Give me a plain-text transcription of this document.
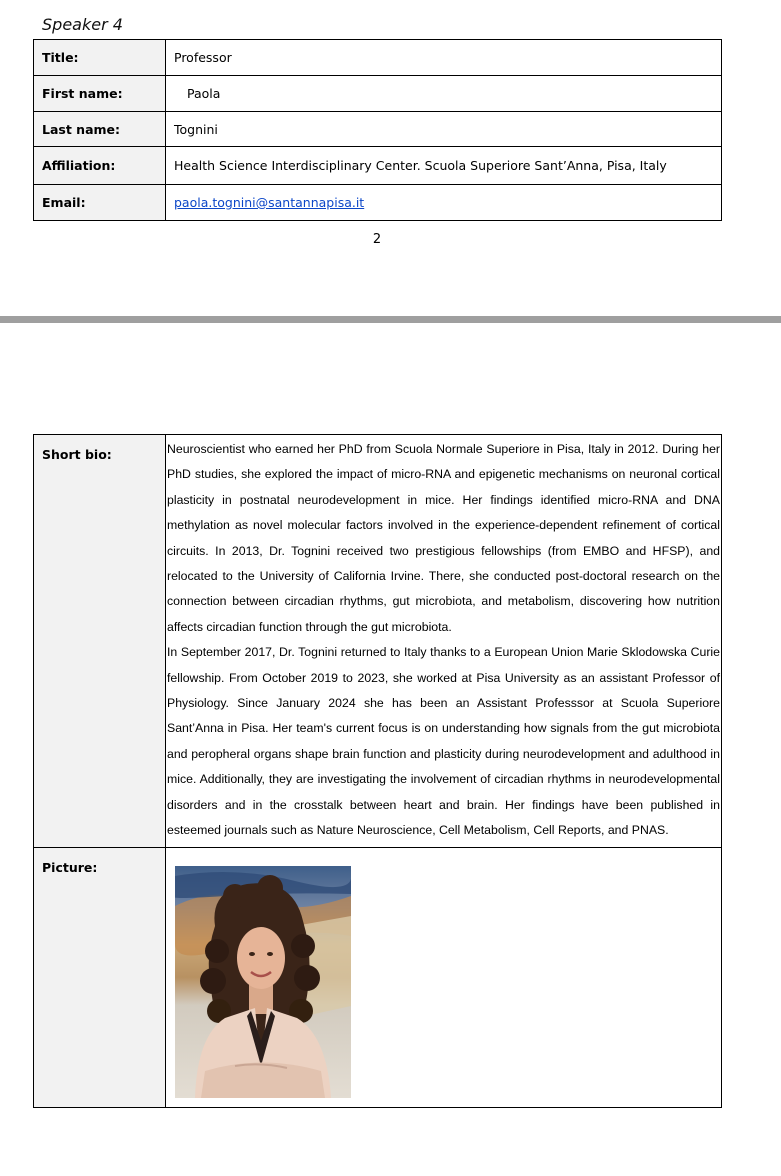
Speaker 4
Title:	Professor
First name:	Paola
Last name:	Tognini
Affiliation:	Health Science Interdisciplinary Center. Scuola Superiore Sant’Anna, Pisa, Italy
Email:	paola.tognini@santannapisa.it
2
Short bio:	Neuroscientist who earned her PhD from Scuola Normale Superiore in Pisa, Italy in 2012. During her PhD studies, she explored the impact of micro-RNA and epigenetic mechanisms on neuronal cortical plasticity in postnatal neurodevelopment in mice. Her findings identified micro-RNA and DNA methylation as novel molecular factors involved in the experience-dependent refinement of cortical circuits. In 2013, Dr. Tognini received two prestigious fellowships (from EMBO and HFSP), and relocated to the University of California Irvine. There, she conducted post-doctoral research on the connection between circadian rhythms, gut microbiota, and metabolism, discovering how nutrition affects circadian function through the gut microbiota.

In September 2017, Dr. Tognini returned to Italy thanks to a European Union Marie Sklodowska Curie fellowship. From October 2019 to 2023, she worked at Pisa University as an assistant Professor of Physiology. Since January 2024 she has been an Assistant Professsor at Scuola Superiore Sant’Anna in Pisa. Her team's current focus is on understanding how signals from the gut microbiota and peropheral organs shape brain function and plasticity during neurodevelopment and adulthood in mice. Additionally, they are investigating the involvement of circadian rhythms in neurodevelopmental disorders and in the crosstalk between heart and brain. Her findings have been published in esteemed journals such as Nature Neuroscience, Cell Metabolism, Cell Reports, and PNAS.

Picture:	
